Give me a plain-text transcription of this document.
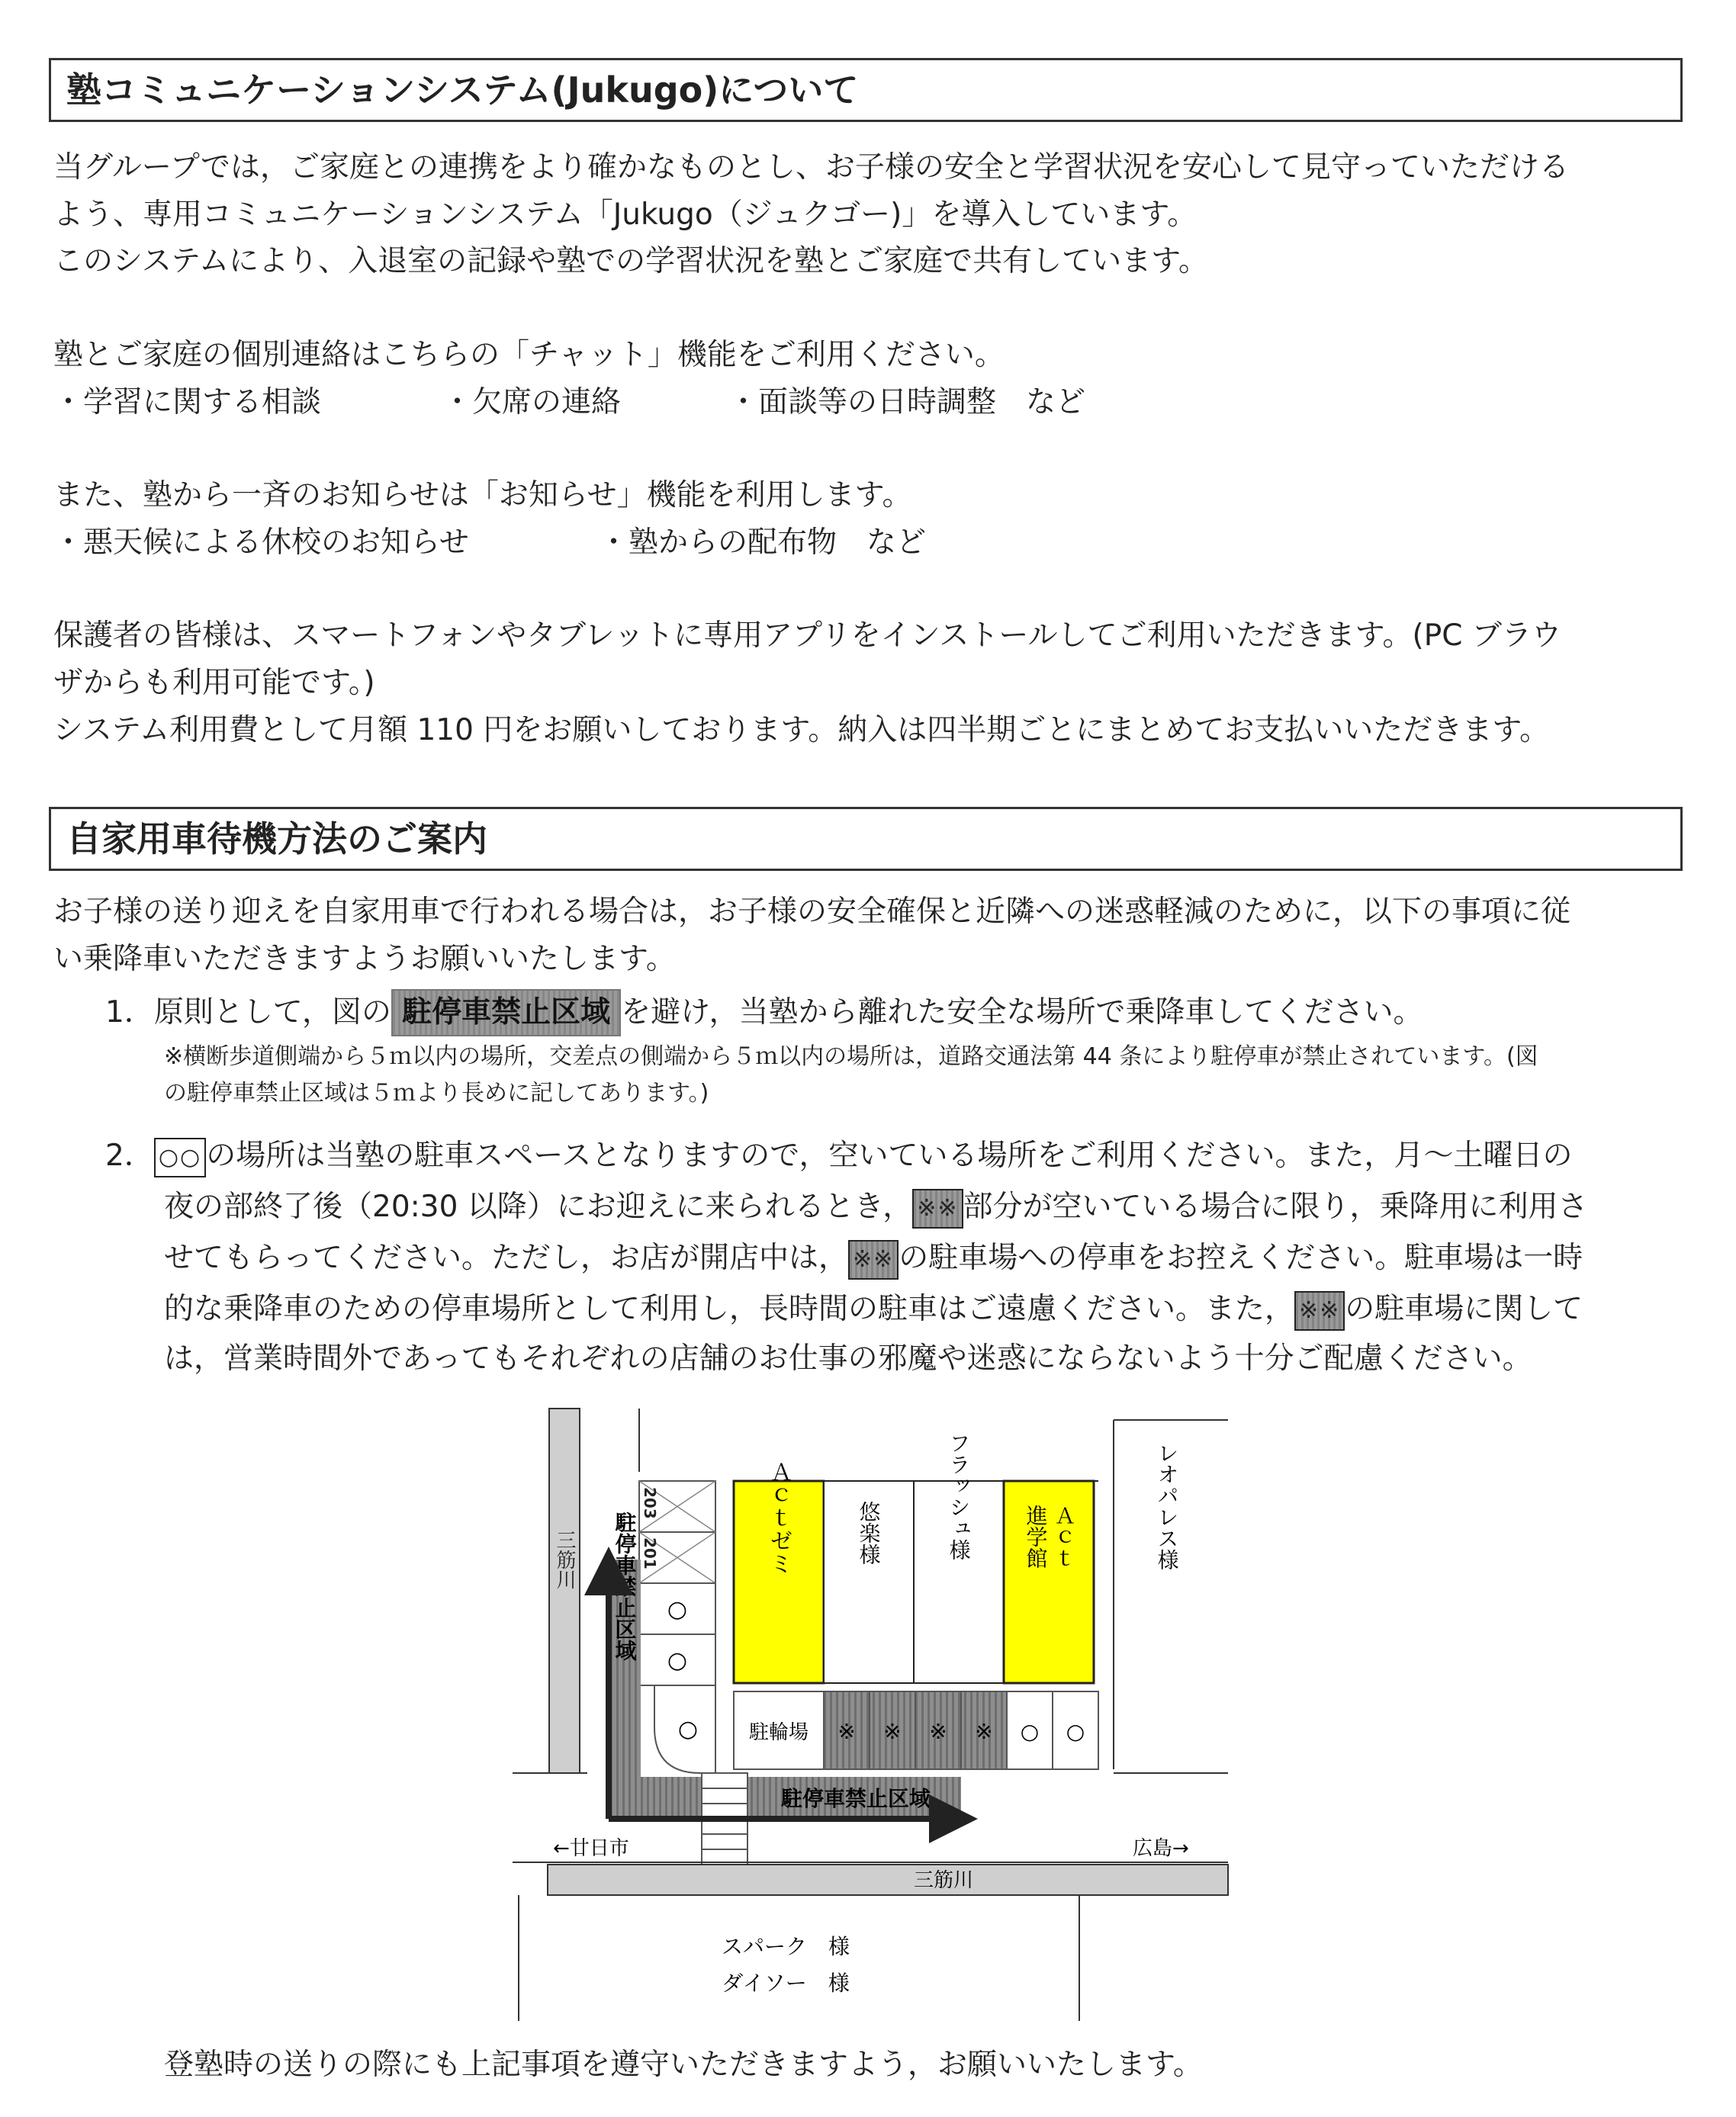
塾コミュニケーションシステム(Jukugo)について
当グループでは，ご家庭との連携をより確かなものとし、お子様の安全と学習状況を安心して見守っていただける
よう、専用コミュニケーションシステム「Jukugo（ジュクゴー)」を導入しています。
このシステムにより、入退室の記録や塾での学習状況を塾とご家庭で共有しています。
塾とご家庭の個別連絡はこちらの「チャット」機能をご利用ください。
・学習に関する相談	・欠席の連絡	・面談等の日時調整　など
また、塾から一斉のお知らせは「お知らせ」機能を利用します。
・悪天候による休校のお知らせ	・塾からの配布物　など
保護者の皆様は、スマートフォンやタブレットに専用アプリをインストールしてご利用いただきます。(PC ブラウ
ザからも利用可能です。)
システム利用費として月額 110 円をお願いしております。納入は四半期ごとにまとめてお支払いいただきます。
自家用車待機方法のご案内
お子様の送り迎えを自家用車で行われる場合は，お子様の安全確保と近隣への迷惑軽減のために，以下の事項に従
い乗降車いただきますようお願いいたします。
1．原則として，図の 駐停車禁止区域 を避け，当塾から離れた安全な場所で乗降車してください。
※横断歩道側端から５ｍ以内の場所，交差点の側端から５ｍ以内の場所は，道路交通法第 44 条により駐停車が禁止されています。(図
の駐停車禁止区域は５ｍより長めに記してあります。)
2． ○○ の場所は当塾の駐車スペースとなりますので，空いている場所をご利用ください。また，月〜土曜日の
夜の部終了後（20:30 以降）にお迎えに来られるとき， ※※ 部分が空いている場合に限り，乗降用に利用さ
せてもらってください。ただし，お店が開店中は， ※※ の駐車場への停車をお控えください。駐車場は一時
的な乗降車のための停車場所として利用し，長時間の駐車はご遠慮ください。また， ※※ の駐車場に関して
は，営業時間外であってもそれぞれの店舗のお仕事の邪魔や迷惑にならないよう十分ご配慮ください。
三筋川
203
201
○
○
○
Ａｃｔゼミ	悠楽様	フラッシュ様	Ａｃｔ
進学館	レオパレス様
駐輪場 ※ ※ ※ ※ ○ ○
駐停車禁止区域
駐停車禁止区域
←廿日市	広島→
三筋川
スパーク　様
ダイソー　様
登塾時の送りの際にも上記事項を遵守いただきますよう，お願いいたします。
